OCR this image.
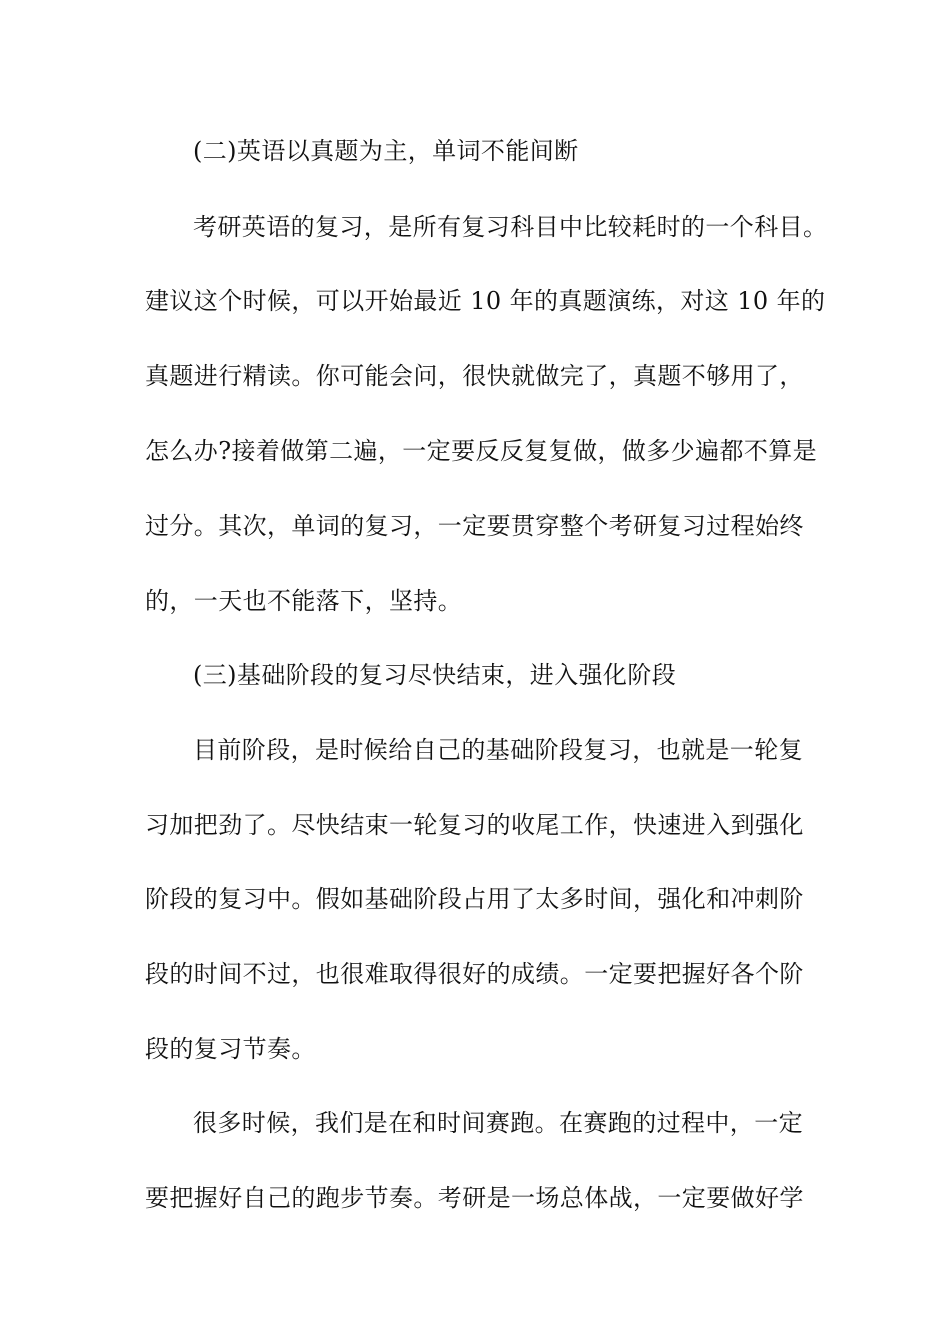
(二)英语以真题为主，单词不能间断
考研英语的复习，是所有复习科目中比较耗时的一个科目。
建议这个时候，可以开始最近 10 年的真题演练，对这 10 年的
真题进行精读。你可能会问，很快就做完了，真题不够用了，
怎么办?接着做第二遍，一定要反反复复做，做多少遍都不算是
过分。其次，单词的复习，一定要贯穿整个考研复习过程始终
的，一天也不能落下，坚持。
(三)基础阶段的复习尽快结束，进入强化阶段
目前阶段，是时候给自己的基础阶段复习，也就是一轮复
习加把劲了。尽快结束一轮复习的收尾工作，快速进入到强化
阶段的复习中。假如基础阶段占用了太多时间，强化和冲刺阶
段的时间不过，也很难取得很好的成绩。一定要把握好各个阶
段的复习节奏。
很多时候，我们是在和时间赛跑。在赛跑的过程中，一定
要把握好自己的跑步节奏。考研是一场总体战，一定要做好学
